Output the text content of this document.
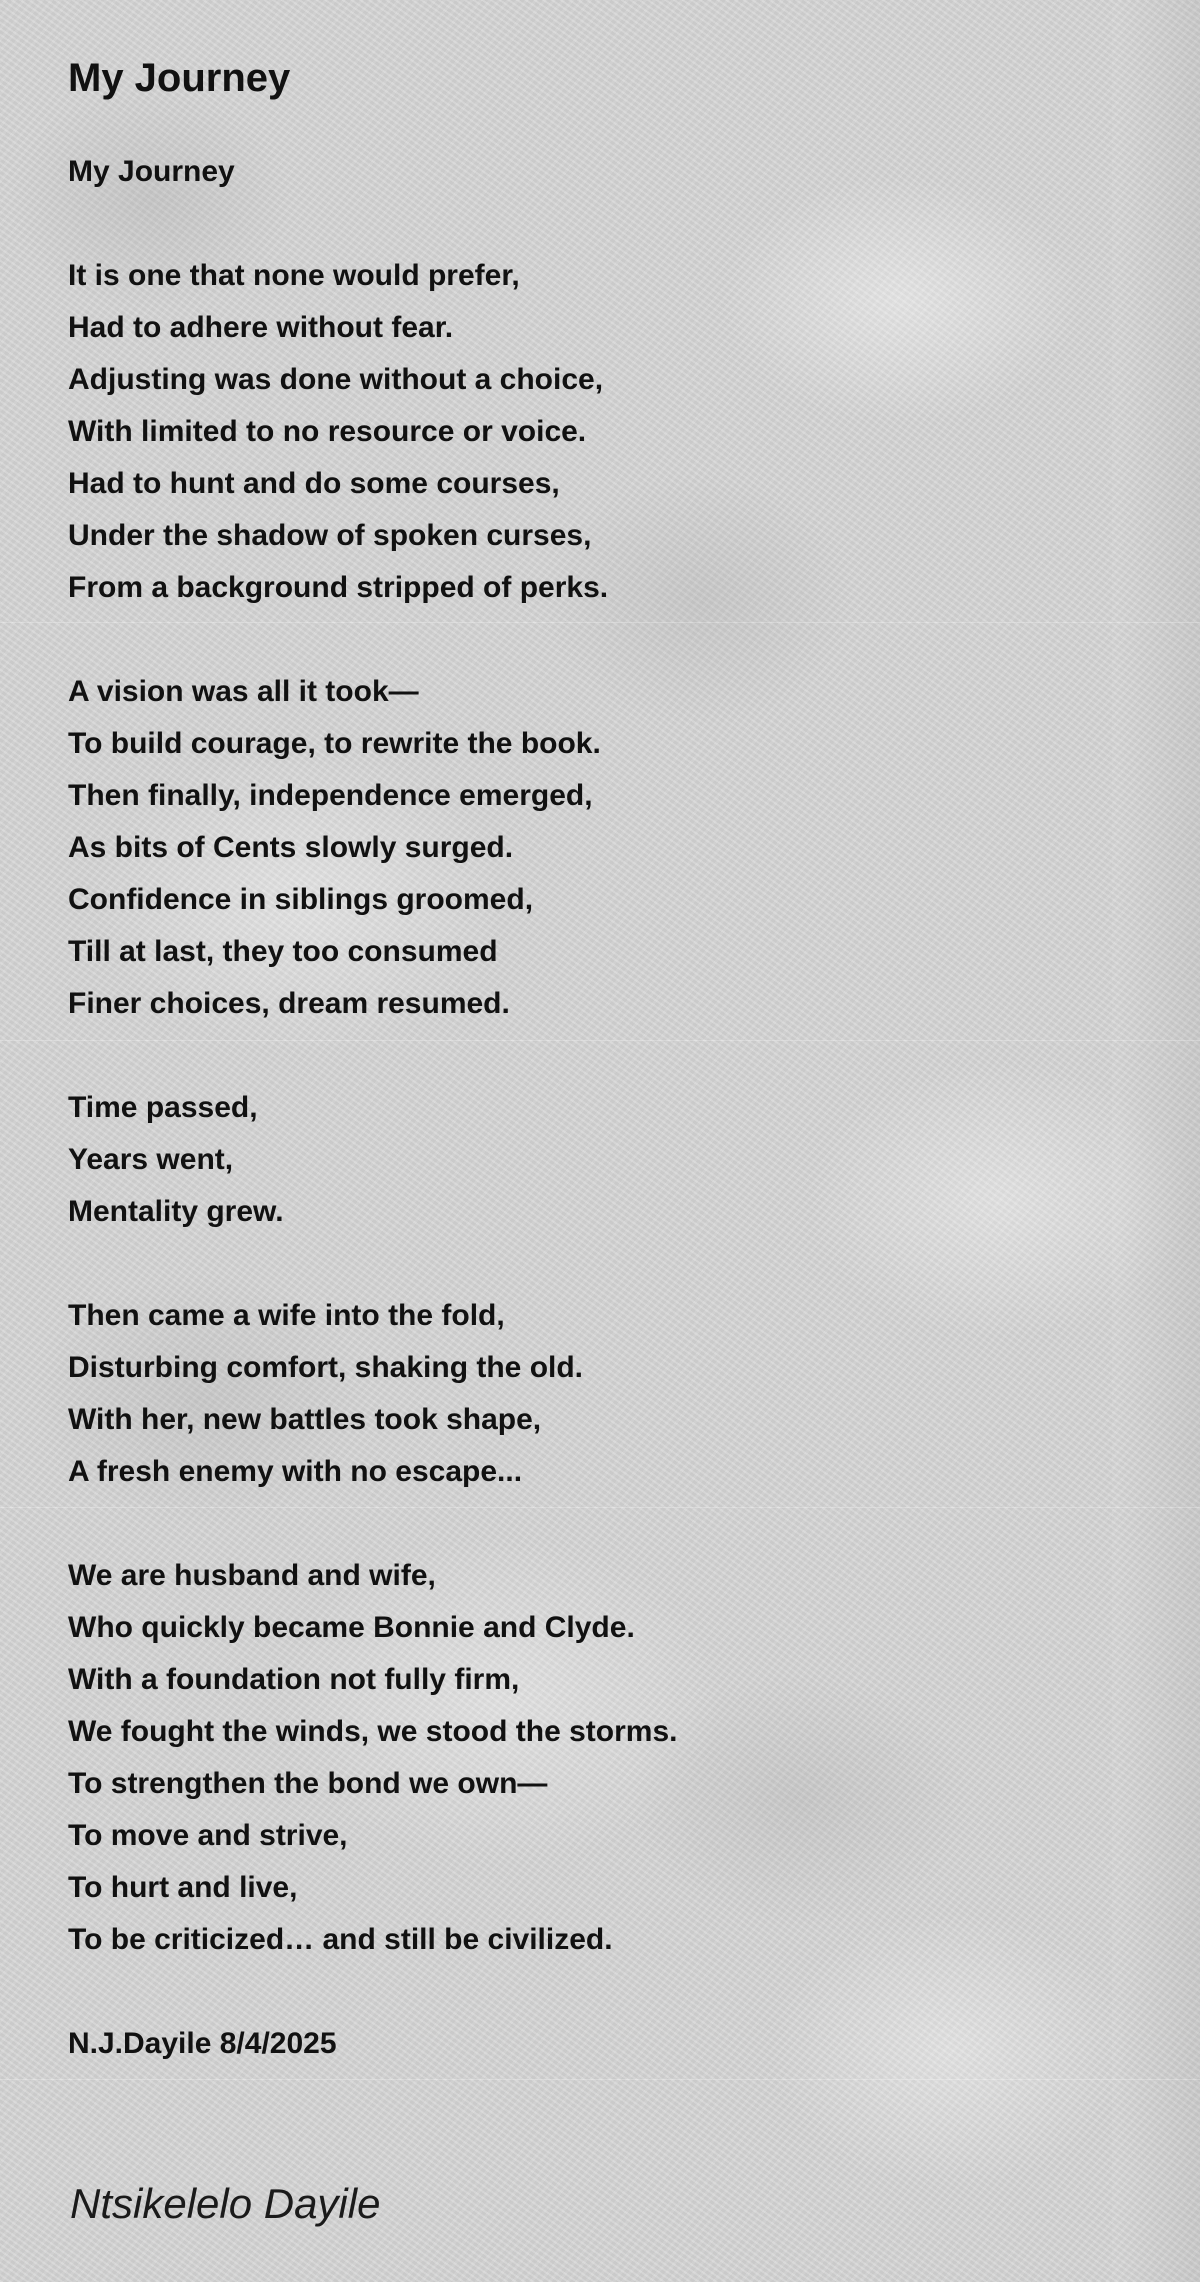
My Journey
My Journey
It is one that none would prefer,
Had to adhere without fear.
Adjusting was done without a choice,
With limited to no resource or voice.
Had to hunt and do some courses,
Under the shadow of spoken curses,
From a background stripped of perks.
A vision was all it took—
To build courage, to rewrite the book.
Then finally, independence emerged,
As bits of Cents slowly surged.
Confidence in siblings groomed,
Till at last, they too consumed
Finer choices, dream resumed.
Time passed,
Years went,
Mentality grew.
Then came a wife into the fold,
Disturbing comfort, shaking the old.
With her, new battles took shape,
A fresh enemy with no escape...
We are husband and wife,
Who quickly became Bonnie and Clyde.
With a foundation not fully firm,
We fought the winds, we stood the storms.
To strengthen the bond we own—
To move and strive,
To hurt and live,
To be criticized… and still be civilized.
N.J.Dayile 8/4/2025
Ntsikelelo Dayile
